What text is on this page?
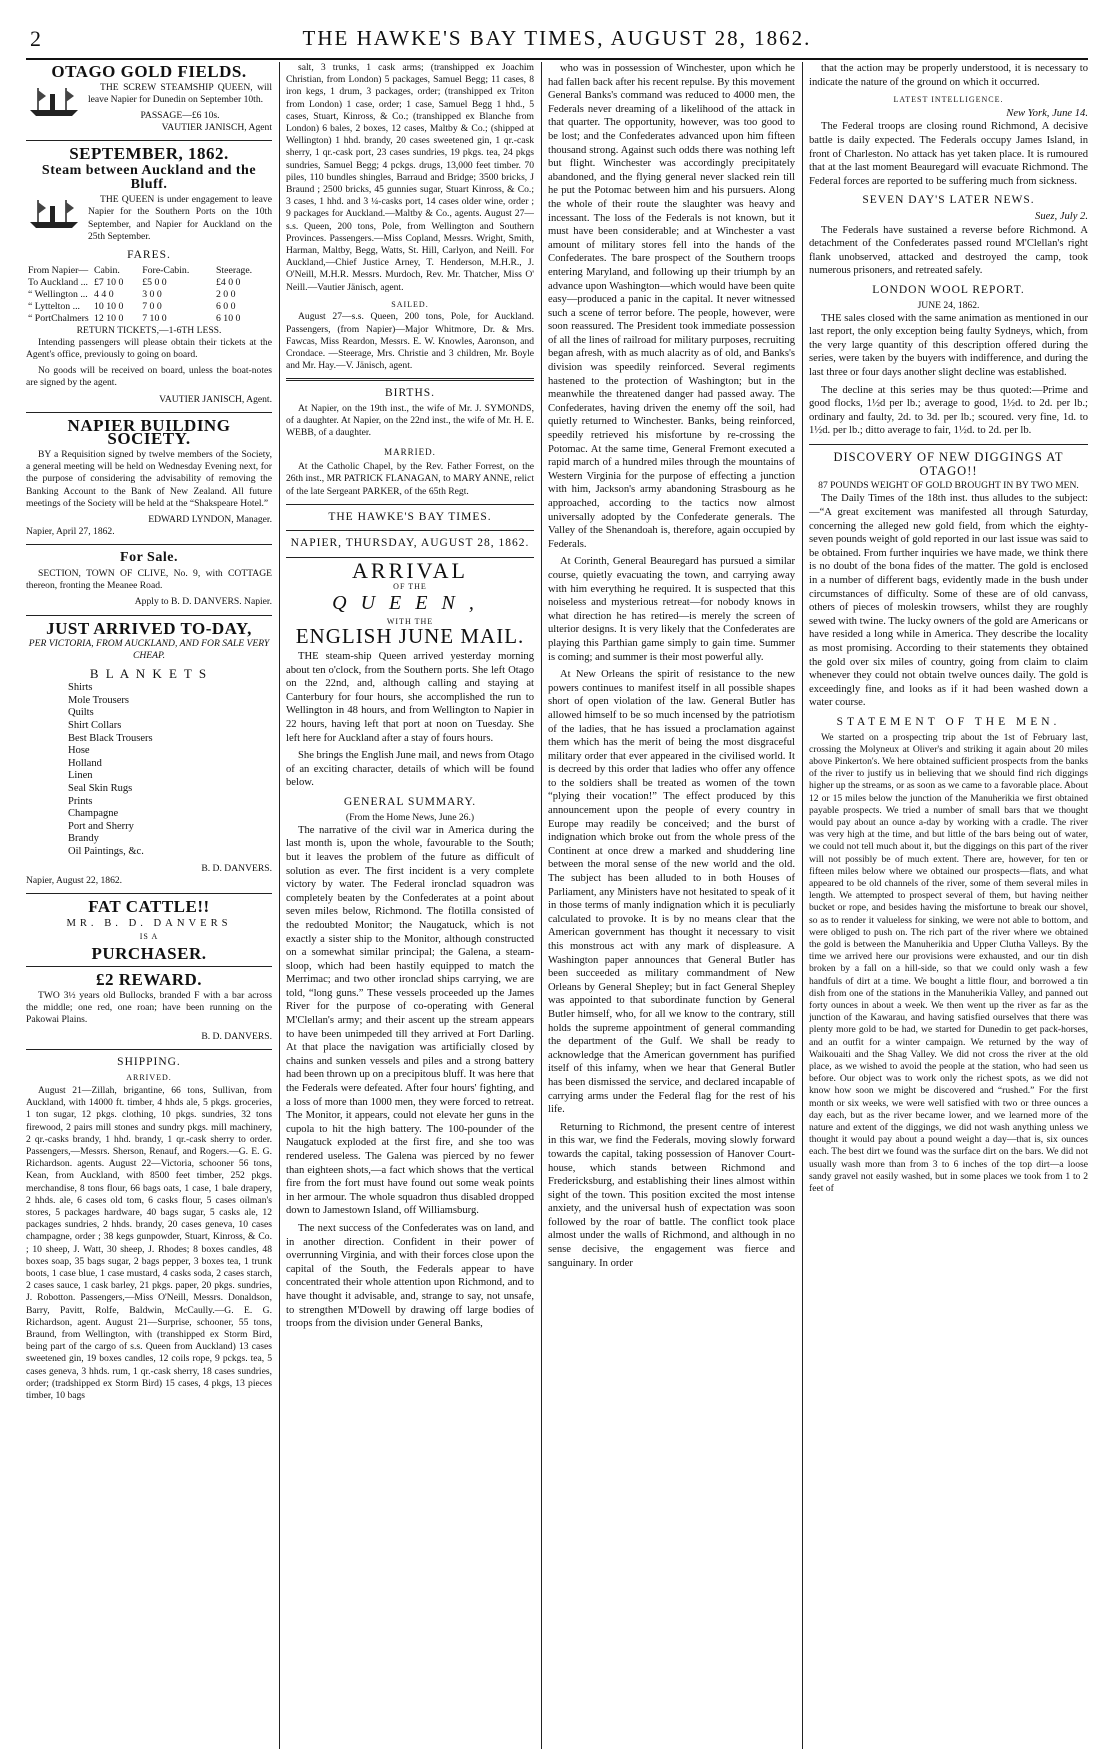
2	THE HAWKE'S BAY TIMES, AUGUST 28, 1862.
OTAGO GOLD FIELDS.

THE SCREW STEAMSHIP QUEEN, will leave Napier for Dunedin on September 10th.

PASSAGE—£6 10s.
VAUTIER JANISCH, Agent
SEPTEMBER, 1862.
Steam between Auckland and the Bluff.

THE QUEEN is under engagement to leave Napier for the Southern Ports on the 10th September, and Napier for Auckland on the 25th September.

FARES.
From Napier—	Cabin.	Fore-Cabin.	Steerage.
To Auckland ...	£7 10 0	£5 0 0	£4 0 0
“ Wellington ...	4 4 0	3 0 0	2 0 0
“ Lyttelton ...	10 10 0	7 0 0	6 0 0
“ PortChalmers	12 10 0	7 10 0	6 10 0
RETURN TICKETS,—1-6TH LESS.

Intending passengers will please obtain their tickets at the Agent's office, previously to going on board.

No goods will be received on board, unless the boat-notes are signed by the agent.

VAUTIER JANISCH, Agent.
NAPIER BUILDING SOCIETY.

BY a Requisition signed by twelve members of the Society, a general meeting will be held on Wednesday Evening next, for the purpose of considering the advisability of removing the Banking Account to the Bank of New Zealand. All future meetings of the Society will be held at the “Shakspeare Hotel.”

EDWARD LYNDON, Manager.
Napier, April 27, 1862.
For Sale.

SECTION, TOWN OF CLIVE, No. 9, with COTTAGE thereon, fronting the Meanee Road.

Apply to B. D. DANVERS. Napier.
JUST ARRIVED TO-DAY,
PER VICTORIA, FROM AUCKLAND, AND FOR SALE VERY CHEAP.
B L A N K E T S
Shirts
Mole Trousers
Quilts
Shirt Collars
Best Black Trousers
Hose
Holland
Linen
Seal Skin Rugs
Prints
Champagne
Port and Sherry
Brandy
Oil Paintings, &c.
B. D. DANVERS.
Napier, August 22, 1862.
FAT CATTLE!!
MR. B. D. DANVERS
IS A
PURCHASER.
£2 REWARD.

TWO 3½ years old Bullocks, branded F with a bar across the middle; one red, one roan; have been running on the Pakowai Plains.

B. D. DANVERS.
SHIPPING.
ARRIVED.

August 21—Zillah, brigantine, 66 tons, Sullivan, from Auckland, with 14000 ft. timber, 4 hhds ale, 5 pkgs. groceries, 1 ton sugar, 12 pkgs. clothing, 10 pkgs. sundries, 32 tons firewood, 2 pairs mill stones and sundry pkgs. mill machinery, 2 qr.-casks brandy, 1 hhd. brandy, 1 qr.-cask sherry to order. Passengers,—Messrs. Sherson, Renauf, and Rogers.—G. E. G. Richardson. agents. August 22—Victoria, schooner 56 tons, Kean, from Auckland, with 8500 feet timber, 252 pkgs. merchandise, 8 tons flour, 66 bags oats, 1 case, 1 bale drapery, 2 hhds. ale, 6 cases old tom, 6 casks flour, 5 cases oilman's stores, 5 packages hardware, 40 bags sugar, 5 casks ale, 12 packages sundries, 2 hhds. brandy, 20 cases geneva, 10 cases champagne, order ; 38 kegs gunpowder, Stuart, Kinross, & Co. ; 10 sheep, J. Watt, 30 sheep, J. Rhodes; 8 boxes candles, 48 boxes soap, 35 bags sugar, 2 bags pepper, 3 boxes tea, 1 trunk boots, 1 case blue, 1 case mustard, 4 casks soda, 2 cases starch, 2 cases sauce, 1 cask barley, 21 pkgs. paper, 20 pkgs. sundries, J. Robotton. Passengers,—Miss O'Neill, Messrs. Donaldson, Barry, Pavitt, Rolfe, Baldwin, McCaully.—G. E. G. Richardson, agent. August 21—Surprise, schooner, 55 tons, Braund, from Wellington, with (transhipped ex Storm Bird, being part of the cargo of s.s. Queen from Auckland) 13 cases sweetened gin, 19 boxes candles, 12 coils rope, 9 pckgs. tea, 5 cases geneva, 3 hhds. rum, 1 qr.-cask sherry, 18 cases sundries, order; (tradshipped ex Storm Bird) 15 cases, 4 pkgs, 13 pieces timber, 10 bags

salt, 3 trunks, 1 cask arms; (transhipped ex Joachim Christian, from London) 5 packages, Samuel Begg; 11 cases, 8 iron kegs, 1 drum, 3 packages, order; (transhipped ex Triton from London) 1 case, order; 1 case, Samuel Begg 1 hhd., 5 cases, Stuart, Kinross, & Co.; (transhipped ex Blanche from London) 6 bales, 2 boxes, 12 cases, Maltby & Co.; (shipped at Wellington) 1 hhd. brandy, 20 cases sweetened gin, 1 qr.-cask sherry, 1 qr.-cask port, 23 cases sundries, 19 pkgs. tea, 24 pkgs sundries, Samuel Begg; 4 pckgs. drugs, 13,000 feet timber. 70 piles, 110 bundles shingles, Barraud and Bridge; 3500 bricks, J Braund ; 2500 bricks, 45 gunnies sugar, Stuart Kinross, & Co.; 3 cases, 1 hhd. and 3 ¼-casks port, 14 cases older wine, order ; 9 packages for Auckland.—Maltby & Co., agents. August 27—s.s. Queen, 200 tons, Pole, from Wellington and Southern Provinces. Passengers.—Miss Copland, Messrs. Wright, Smith, Harman, Maltby, Begg, Watts, St. Hill, Carlyon, and Neill. For Auckland,—Chief Justice Arney, T. Henderson, M.H.R., J. O'Neill, M.H.R. Messrs. Murdoch, Rev. Mr. Thatcher, Miss O' Neill.—Vautier Jänisch, agent.

SAILED.

August 27—s.s. Queen, 200 tons, Pole, for Auckland. Passengers, (from Napier)—Major Whitmore, Dr. & Mrs. Fawcas, Miss Reardon, Messrs. E. W. Knowles, Aaronson, and Crondace. —Steerage, Mrs. Christie and 3 children, Mr. Boyle and Mr. Hay.—V. Jänisch, agent.

BIRTHS.

At Napier, on the 19th inst., the wife of Mr. J. SYMONDS, of a daughter. At Napier, on the 22nd inst., the wife of Mr. H. E. WEBB, of a daughter.

MARRIED.

At the Catholic Chapel, by the Rev. Father Forrest, on the 26th inst., MR PATRICK FLANAGAN, to MARY ANNE, relict of the late Sergeant PARKER, of the 65th Regt.

THE HAWKE'S BAY TIMES.
NAPIER, THURSDAY, AUGUST 28, 1862.
ARRIVAL
OF THE
QUEEN,
WITH THE
ENGLISH JUNE MAIL.

THE steam-ship Queen arrived yesterday morning about ten o'clock, from the Southern ports. She left Otago on the 22nd, and, although calling and staying at Canterbury for four hours, she accomplished the run to Wellington in 48 hours, and from Wellington to Napier in 22 hours, having left that port at noon on Tuesday. She left here for Auckland after a stay of fours hours.

She brings the English June mail, and news from Otago of an exciting character, details of which will be found below.

GENERAL SUMMARY.
(From the Home News, June 26.)

The narrative of the civil war in America during the last month is, upon the whole, favourable to the South; but it leaves the problem of the future as difficult of solution as ever. The first incident is a very complete victory by water. The Federal ironclad squadron was completely beaten by the Confederates at a point about seven miles below, Richmond. The flotilla consisted of the redoubted Monitor; the Naugatuck, which is not exactly a sister ship to the Monitor, although constructed on a somewhat similar principal; the Galena, a steam-sloop, which had been hastily equipped to match the Merrimac; and two other ironclad ships carrying, we are told, “long guns.” These vessels proceeded up the James River for the purpose of co-operating with General M'Clellan's army; and their ascent up the stream appears to have been unimpeded till they arrived at Fort Darling. At that place the navigation was artificially closed by chains and sunken vessels and piles and a strong battery had been thrown up on a precipitous bluff. It was here that the Federals were defeated. After four hours' fighting, and a loss of more than 1000 men, they were forced to retreat. The Monitor, it appears, could not elevate her guns in the cupola to hit the high battery. The 100-pounder of the Naugatuck exploded at the first fire, and she too was rendered useless. The Galena was pierced by no fewer than eighteen shots,—a fact which shows that the vertical fire from the fort must have found out some weak points in her armour. The whole squadron thus disabled dropped down to Jamestown Island, off Williamsburg.

The next success of the Confederates was on land, and in another direction. Confident in their power of overrunning Virginia, and with their forces close upon the capital of the South, the Federals appear to have concentrated their whole attention upon Richmond, and to have thought it advisable, and, strange to say, not unsafe, to strengthen M'Dowell by drawing off large bodies of troops from the division under General Banks,

who was in possession of Winchester, upon which he had fallen back after his recent repulse. By this movement General Banks's command was reduced to 4000 men, the Federals never dreaming of a likelihood of the attack in that quarter. The opportunity, however, was too good to be lost; and the Confederates advanced upon him fifteen thousand strong. Against such odds there was nothing left but flight. Winchester was accordingly precipitately abandoned, and the flying general never slacked rein till he put the Potomac between him and his pursuers. Along the whole of their route the slaughter was heavy and incessant. The loss of the Federals is not known, but it must have been considerable; and at Winchester a vast amount of military stores fell into the hands of the Confederates. The bare prospect of the Southern troops entering Maryland, and following up their triumph by an advance upon Washington—which would have been quite easy—produced a panic in the capital. It never witnessed such a scene of terror before. The people, however, were soon reassured. The President took immediate possession of all the lines of railroad for military purposes, recruiting began afresh, with as much alacrity as of old, and Banks's division was speedily reinforced. Several regiments hastened to the protection of Washington; but in the meanwhile the threatened danger had passed away. The Confederates, having driven the enemy off the soil, had quietly returned to Winchester. Banks, being reinforced, speedily retrieved his misfortune by re-crossing the Potomac. At the same time, General Fremont executed a rapid march of a hundred miles through the mountains of Western Virginia for the purpose of effecting a junction with him, Jackson's army abandoning Strasbourg as he approached, according to the tactics now almost universally adopted by the Confederate generals. The Valley of the Shenandoah is, therefore, again occupied by Federals.

At Corinth, General Beauregard has pursued a similar course, quietly evacuating the town, and carrying away with him everything he required. It is suspected that this noiseless and mysterious retreat—for nobody knows in what direction he has retired—is merely the screen of ulterior designs. It is very likely that the Confederates are playing this Parthian game simply to gain time. Summer is coming; and summer is their most powerful ally.

At New Orleans the spirit of resistance to the new powers continues to manifest itself in all possible shapes short of open violation of the law. General Butler has allowed himself to be so much incensed by the patriotism of the ladies, that he has issued a proclamation against them which has the merit of being the most disgraceful military order that ever appeared in the civilised world. It is decreed by this order that ladies who offer any offence to the soldiers shall be treated as women of the town “plying their vocation!” The effect produced by this announcement upon the people of every country in Europe may readily be conceived; and the burst of indignation which broke out from the whole press of the Continent at once drew a marked and shuddering line between the moral sense of the new world and the old. The subject has been alluded to in both Houses of Parliament, any Ministers have not hesitated to speak of it in those terms of manly indignation which it is peculiarly calculated to provoke. It is by no means clear that the American government has thought it necessary to visit this monstrous act with any mark of displeasure. A Washington paper announces that General Butler has been succeeded as military commandment of New Orleans by General Shepley; but in fact General Shepley was appointed to that subordinate function by General Butler himself, who, for all we know to the contrary, still holds the supreme appointment of general commanding the department of the Gulf. We shall be ready to acknowledge that the American government has purified itself of this infamy, when we hear that General Butler has been dismissed the service, and declared incapable of carrying arms under the Federal flag for the rest of his life.

Returning to Richmond, the present centre of interest in this war, we find the Federals, moving slowly forward towards the capital, taking possession of Hanover Court-house, which stands between Richmond and Fredericksburg, and establishing their lines almost within sight of the town. This position excited the most intense anxiety, and the universal hush of expectation was soon followed by the roar of battle. The conflict took place almost under the walls of Richmond, and although in no sense decisive, the engagement was fierce and sanguinary. In order

that the action may be properly understood, it is necessary to indicate the nature of the ground on which it occurred.

LATEST INTELLIGENCE.
New York, June 14.

The Federal troops are closing round Richmond, A decisive battle is daily expected. The Federals occupy James Island, in front of Charleston. No attack has yet taken place. It is rumoured that at the last moment Beauregard will evacuate Richmond. The Federal forces are reported to be suffering much from sickness.

SEVEN DAY'S LATER NEWS.
Suez, July 2.

The Federals have sustained a reverse before Richmond. A detachment of the Confederates passed round M'Clellan's right flank unobserved, attacked and destroyed the camp, took numerous prisoners, and retreated safely.

LONDON WOOL REPORT.
JUNE 24, 1862.

THE sales closed with the same animation as mentioned in our last report, the only exception being faulty Sydneys, which, from the very large quantity of this description offered during the series, were taken by the buyers with indifference, and during the last three or four days another slight decline was established.

The decline at this series may be thus quoted:—Prime and good flocks, 1½d per lb.; average to good, 1½d. to 2d. per lb.; ordinary and faulty, 2d. to 3d. per lb.; scoured. very fine, 1d. to 1½d. per lb.; ditto average to fair, 1½d. to 2d. per lb.

DISCOVERY OF NEW DIGGINGS AT OTAGO!!
87 POUNDS WEIGHT OF GOLD BROUGHT IN BY TWO MEN.

The Daily Times of the 18th inst. thus alludes to the subject:—“A great excitement was manifested all through Saturday, concerning the alleged new gold field, from which the eighty-seven pounds weight of gold reported in our last issue was said to be obtained. From further inquiries we have made, we think there is no doubt of the bona fides of the matter. The gold is enclosed in a number of different bags, evidently made in the bush under circumstances of difficulty. Some of these are of old canvass, others of pieces of moleskin trowsers, whilst they are roughly sewed with twine. The lucky owners of the gold are Americans or have resided a long while in America. They describe the locality as most promising. According to their statements they obtained the gold over six miles of country, going from claim to claim whenever they could not obtain twelve ounces daily. The gold is exceedingly fine, and looks as if it had been washed down a water course.

STATEMENT OF THE MEN.

We started on a prospecting trip about the 1st of February last, crossing the Molyneux at Oliver's and striking it again about 20 miles above Pinkerton's. We here obtained sufficient prospects from the banks of the river to justify us in believing that we should find rich diggings higher up the streams, or as soon as we came to a favorable place. About 12 or 15 miles below the junction of the Manuherikia we first obtained payable prospects. We tried a number of small bars that we thought would pay about an ounce a-day by working with a cradle. The river was very high at the time, and but little of the bars being out of water, we could not tell much about it, but the diggings on this part of the river will not possibly be of much extent. There are, however, for ten or fifteen miles below where we obtained our prospects—flats, and what appeared to be old channels of the river, some of them several miles in length. We attempted to prospect several of them, but having neither bucket or rope, and besides having the misfortune to break our shovel, so as to render it valueless for sinking, we were not able to bottom, and were obliged to push on. The rich part of the river where we obtained the gold is between the Manuherikia and Upper Clutha Valleys. By the time we arrived here our provisions were exhausted, and our tin dish broken by a fall on a hill-side, so that we could only wash a few handfuls of dirt at a time. We bought a little flour, and borrowed a tin dish from one of the stations in the Manuherikia Valley, and panned out forty ounces in about a week. We then went up the river as far as the junction of the Kawarau, and having satisfied ourselves that there was plenty more gold to be had, we started for Dunedin to get pack-horses, and an outfit for a winter campaign. We returned by the way of Waikouaiti and the Shag Valley. We did not cross the river at the old place, as we wished to avoid the people at the station, who had seen us before. Our object was to work only the richest spots, as we did not know how soon we might be discovered and “rushed.” For the first month or six weeks, we were well satisfied with two or three ounces a day each, but as the river became lower, and we learned more of the nature and extent of the diggings, we did not wash anything unless we thought it would pay about a pound weight a day—that is, six ounces each. The best dirt we found was the surface dirt on the bars. We did not usually wash more than from 3 to 6 inches of the top dirt—a loose sandy gravel not easily washed, but in some places we took from 1 to 2 feet of
